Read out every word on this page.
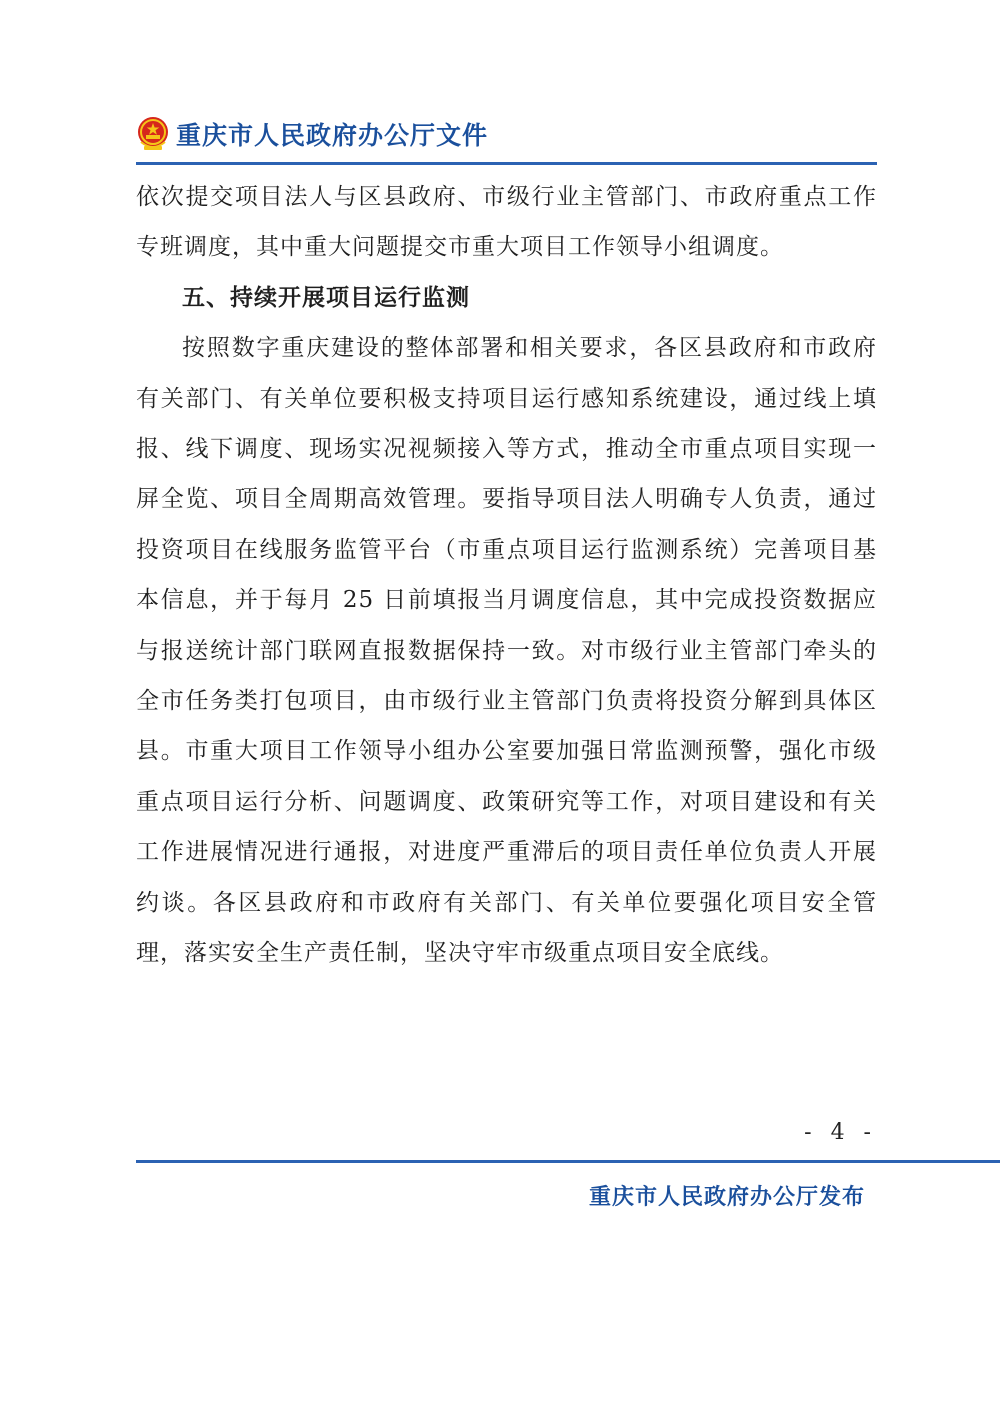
重庆市人民政府办公厅文件

依次提交项目法人与区县政府、市级行业主管部门、市政府重点工作专班调度，其中重大问题提交市重大项目工作领导小组调度。

五、持续开展项目运行监测

按照数字重庆建设的整体部署和相关要求，各区县政府和市政府有关部门、有关单位要积极支持项目运行感知系统建设，通过线上填报、线下调度、现场实况视频接入等方式，推动全市重点项目实现一屏全览、项目全周期高效管理。要指导项目法人明确专人负责，通过投资项目在线服务监管平台（市重点项目运行监测系统）完善项目基本信息，并于每月 25 日前填报当月调度信息，其中完成投资数据应与报送统计部门联网直报数据保持一致。对市级行业主管部门牵头的全市任务类打包项目，由市级行业主管部门负责将投资分解到具体区县。市重大项目工作领导小组办公室要加强日常监测预警，强化市级重点项目运行分析、问题调度、政策研究等工作，对项目建设和有关工作进展情况进行通报，对进度严重滞后的项目责任单位负责人开展约谈。各区县政府和市政府有关部门、有关单位要强化项目安全管理，落实安全生产责任制，坚决守牢市级重点项目安全底线。

- 4 -
重庆市人民政府办公厅发布
